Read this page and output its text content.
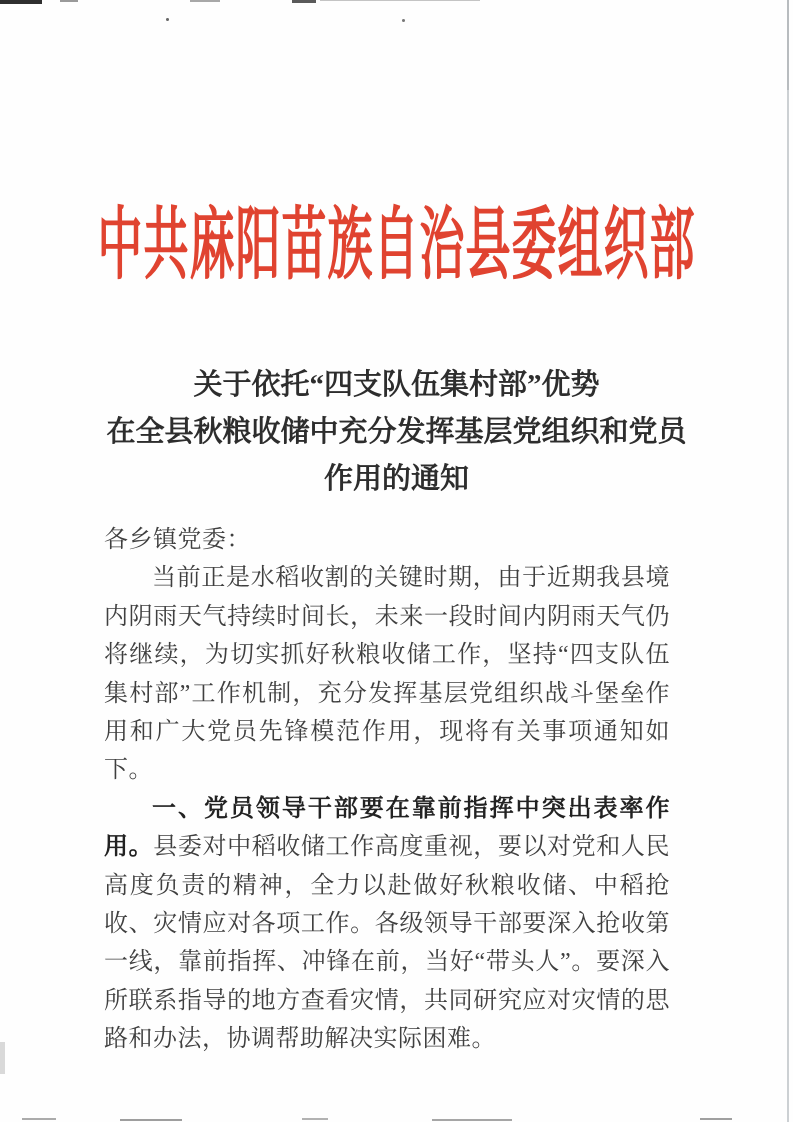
中共麻阳苗族自治县委组织部
关于依托“四支队伍集村部”优势
在全县秋粮收储中充分发挥基层党组织和党员
作用的通知

各乡镇党委：

当前正是水稻收割的关键时期，由于近期我县境内阴雨天气持续时间长，未来一段时间内阴雨天气仍将继续，为切实抓好秋粮收储工作，坚持“四支队伍集村部”工作机制，充分发挥基层党组织战斗堡垒作用和广大党员先锋模范作用，现将有关事项通知如下。

一、党员领导干部要在靠前指挥中突出表率作用。县委对中稻收储工作高度重视，要以对党和人民高度负责的精神，全力以赴做好秋粮收储、中稻抢收、灾情应对各项工作。各级领导干部要深入抢收第一线，靠前指挥、冲锋在前，当好“带头人”。要深入所联系指导的地方查看灾情，共同研究应对灾情的思路和办法，协调帮助解决实际困难。
